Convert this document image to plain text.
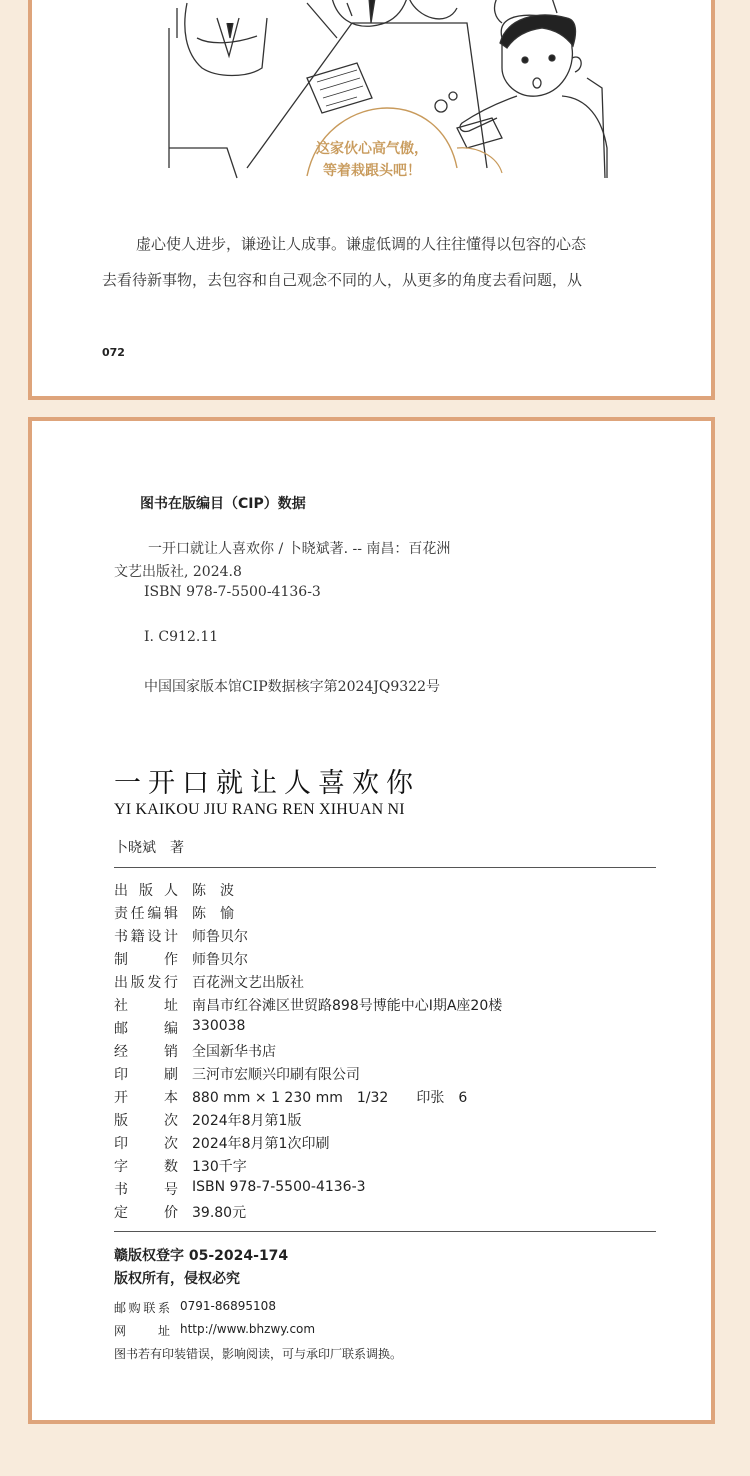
这家伙心高气傲，
等着栽跟头吧！
虚心使人进步，谦逊让人成事。谦虚低调的人往往懂得以包容的心态
去看待新事物，去包容和自己观念不同的人，从更多的角度去看问题，从
072
图书在版编目（CIP）数据
一开口就让人喜欢你 / 卜晓斌著. -- 南昌：百花洲
文艺出版社, 2024.8
ISBN 978-7-5500-4136-3
Ⅰ. C912.11
中国国家版本馆CIP数据核字第2024JQ9322号
一开口就让人喜欢你
YI KAIKOU JIU RANG REN XIHUAN NI
卜晓斌　著
出版人 陈　波
责任编辑 陈　愉
书籍设计 师鲁贝尔
制作 师鲁贝尔
出版发行 百花洲文艺出版社
社址 南昌市红谷滩区世贸路898号博能中心Ⅰ期A座20楼
邮编 330038
经销 全国新华书店
印刷 三河市宏顺兴印刷有限公司
开本 880 mm × 1 230 mm　1/32　　印张　6
版次 2024年8月第1版
印次 2024年8月第1次印刷
字数 130千字
书号 ISBN 978-7-5500-4136-3
定价 39.80元
赣版权登字 05-2024-174
版权所有，侵权必究
邮购联系 0791-86895108
网址 http://www.bhzwy.com
图书若有印装错误，影响阅读，可与承印厂联系调换。
